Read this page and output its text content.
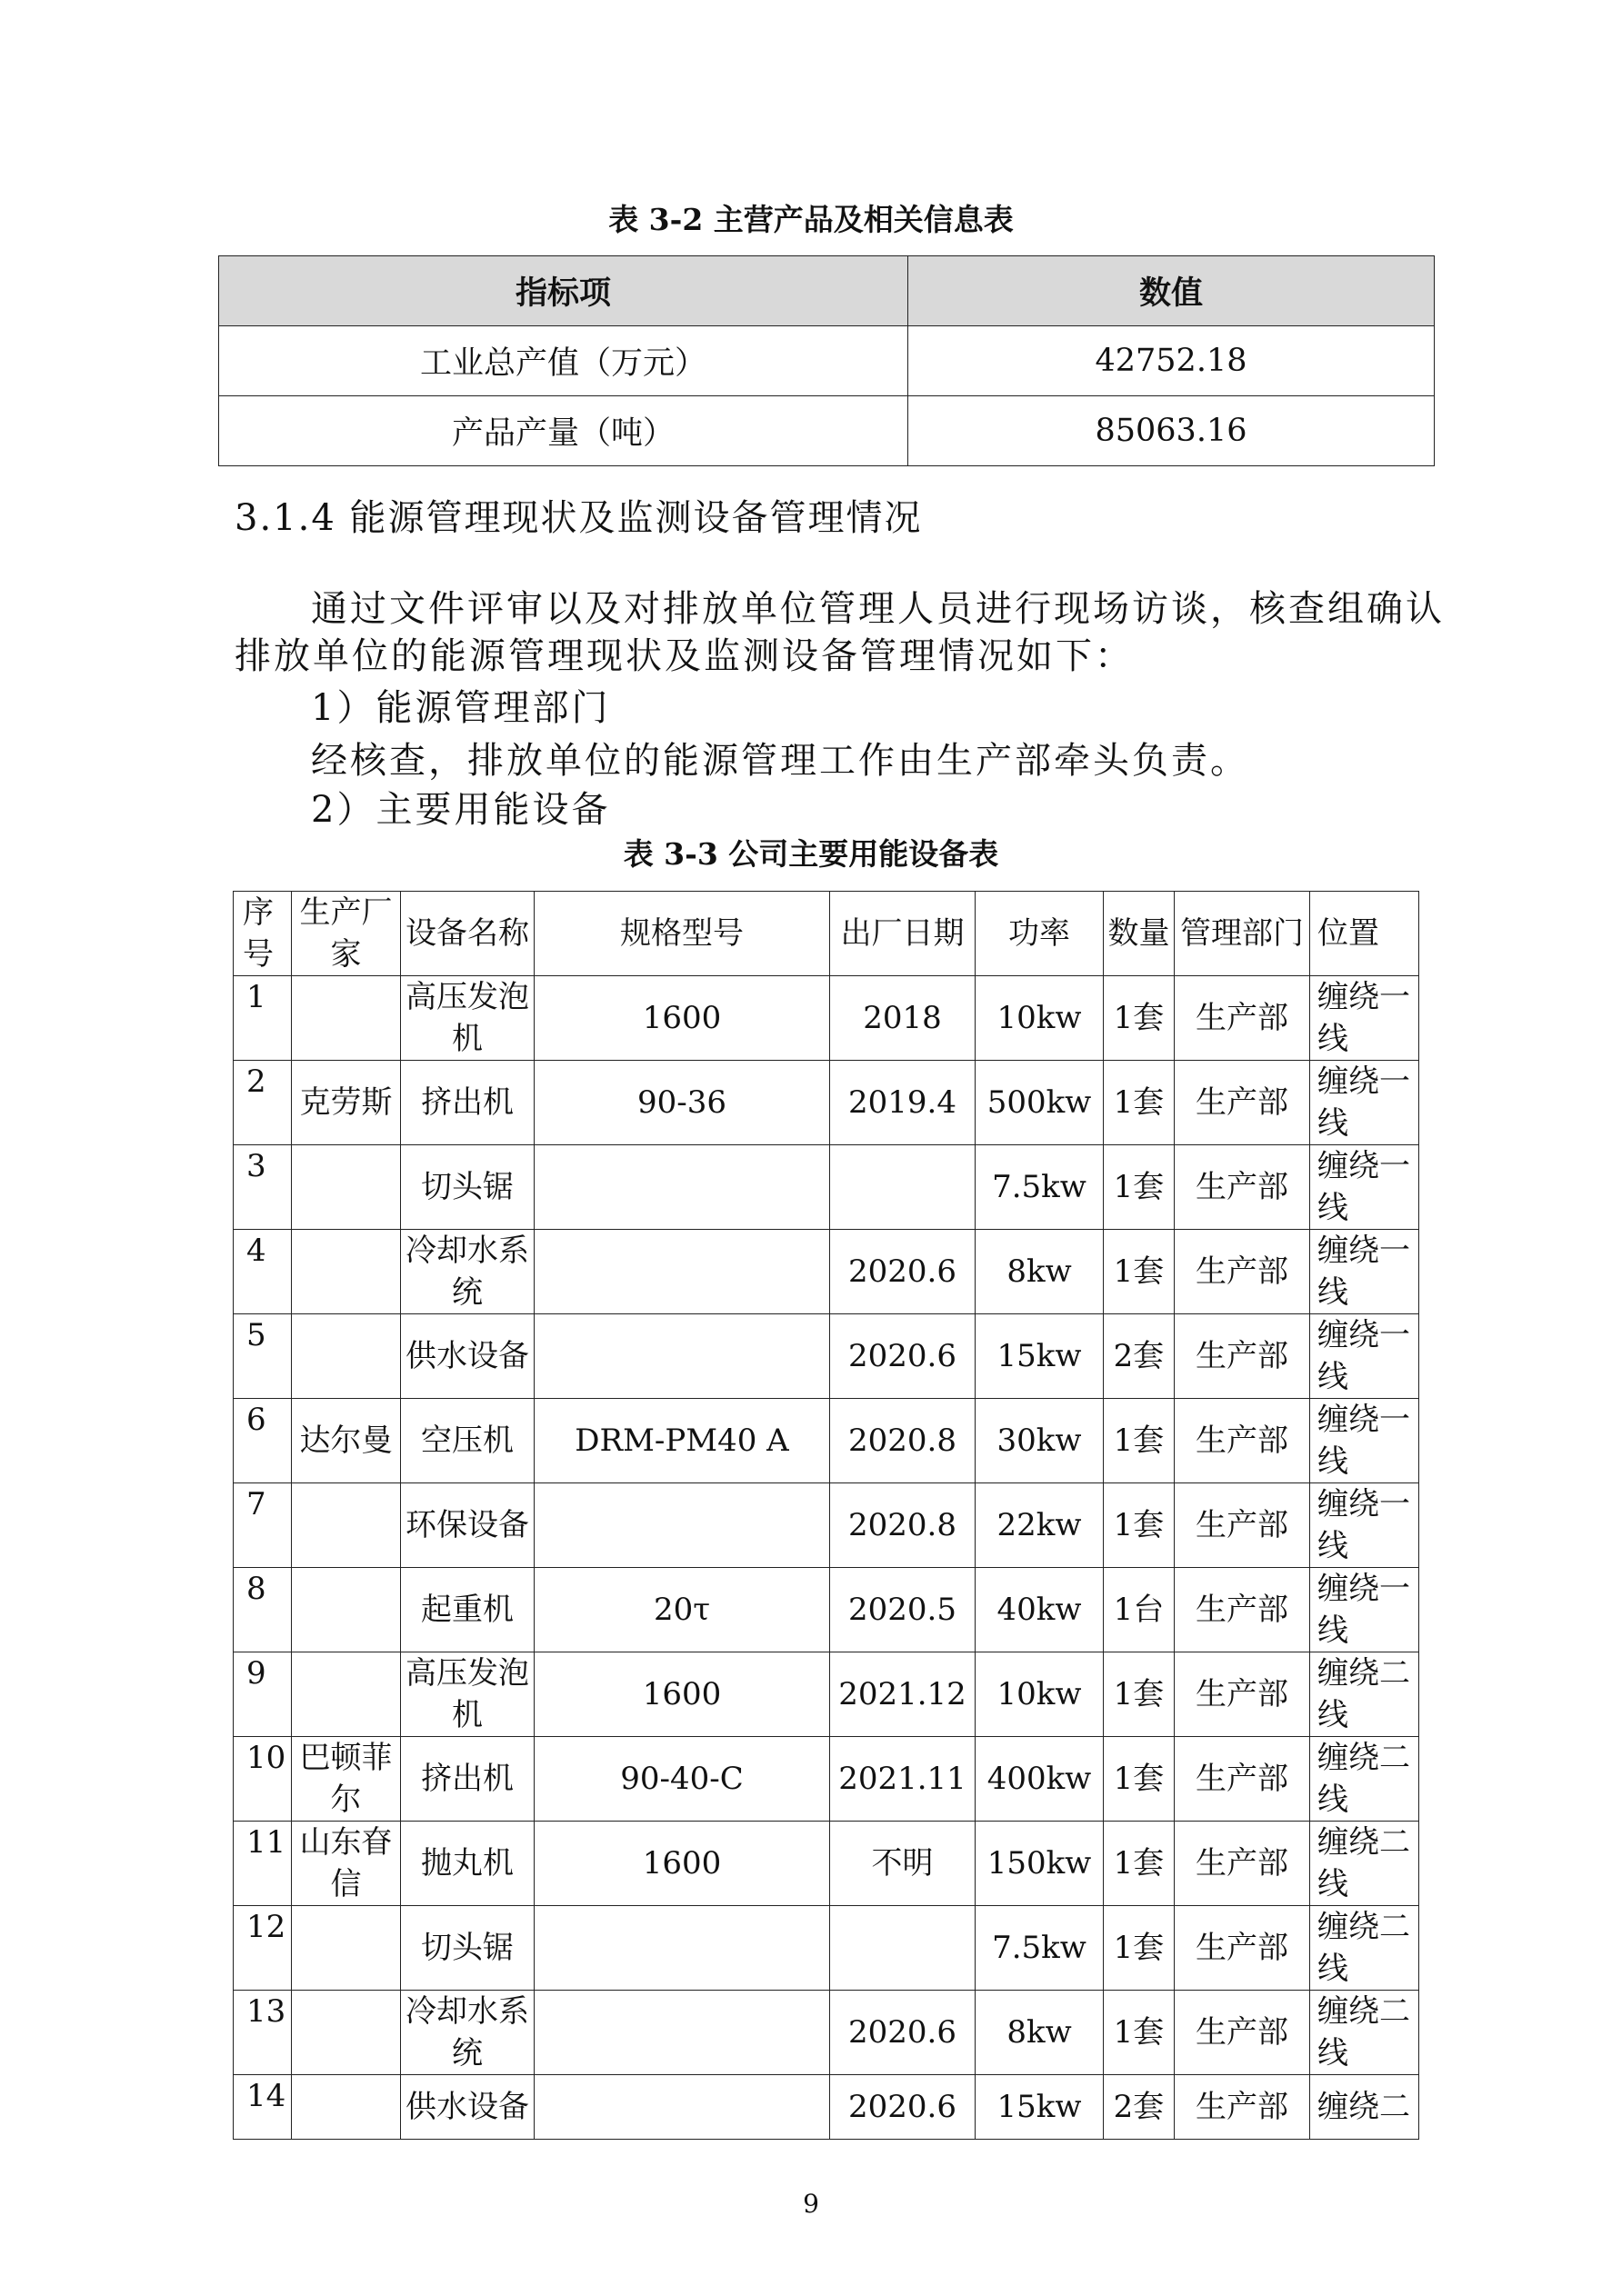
表 3-2 主营产品及相关信息表
指标项	数值
工业总产值（万元）	42752.18
产品产量（吨）	85063.16
3.1.4 能源管理现状及监测设备管理情况
通过文件评审以及对排放单位管理人员进行现场访谈，核查组确认
排放单位的能源管理现状及监测设备管理情况如下：
1）能源管理部门
经核查，排放单位的能源管理工作由生产部牵头负责。
2）主要用能设备
表 3-3 公司主要用能设备表
序号	生产厂家	设备名称	规格型号	出厂日期	功率	数量	管理部门	位置
1		高压发泡机	1600	2018	10kw	1套	生产部	缠绕一线
2	克劳斯	挤出机	90-36	2019.4	500kw	1套	生产部	缠绕一线
3		切头锯			7.5kw	1套	生产部	缠绕一线
4		冷却水系统		2020.6	8kw	1套	生产部	缠绕一线
5		供水设备		2020.6	15kw	2套	生产部	缠绕一线
6	达尔曼	空压机	DRM-PM40 A	2020.8	30kw	1套	生产部	缠绕一线
7		环保设备		2020.8	22kw	1套	生产部	缠绕一线
8		起重机	20τ	2020.5	40kw	1台	生产部	缠绕一线
9		高压发泡机	1600	2021.12	10kw	1套	生产部	缠绕二线
10	巴顿菲尔	挤出机	90-40-C	2021.11	400kw	1套	生产部	缠绕二线
11	山东眘信	抛丸机	1600	不明	150kw	1套	生产部	缠绕二线
12		切头锯			7.5kw	1套	生产部	缠绕二线
13		冷却水系统		2020.6	8kw	1套	生产部	缠绕二线
14		供水设备		2020.6	15kw	2套	生产部	缠绕二
9
